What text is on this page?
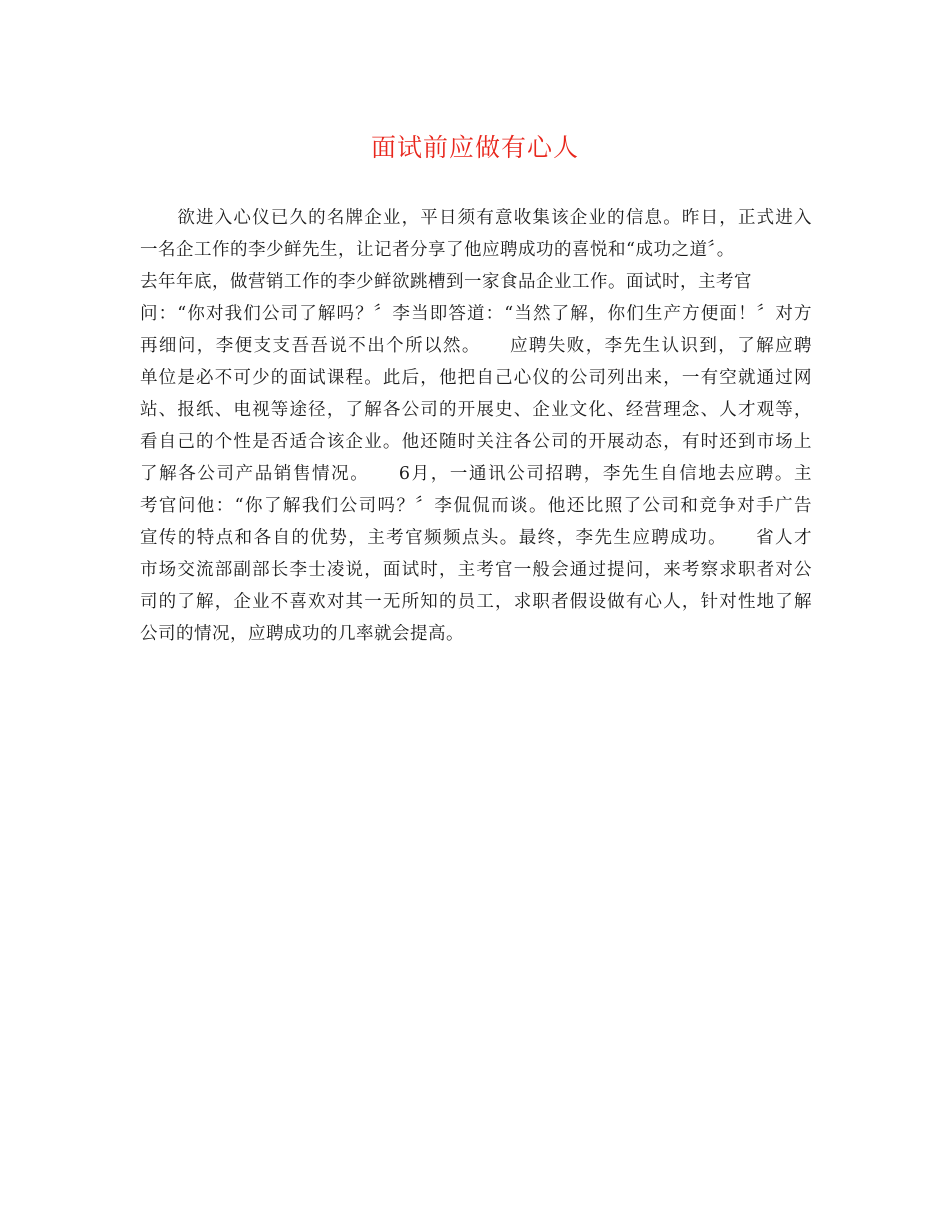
面试前应做有心人
　　欲进入心仪已久的名牌企业，平日须有意收集该企业的信息。昨日，正式进入
一名企工作的李少鲜先生，让记者分享了他应聘成功的喜悦和“成功之道〞。
去年年底，做营销工作的李少鲜欲跳槽到一家食品企业工作。面试时，主考官
问：“你对我们公司了解吗？〞李当即答道：“当然了解，你们生产方便面！〞对方
再细问，李便支支吾吾说不出个所以然。　　应聘失败，李先生认识到，了解应聘
单位是必不可少的面试课程。此后，他把自己心仪的公司列出来，一有空就通过网
站、报纸、电视等途径，了解各公司的开展史、企业文化、经营理念、人才观等，
看自己的个性是否适合该企业。他还随时关注各公司的开展动态，有时还到市场上
了解各公司产品销售情况。　　6月，一通讯公司招聘，李先生自信地去应聘。主
考官问他：“你了解我们公司吗？〞李侃侃而谈。他还比照了公司和竞争对手广告
宣传的特点和各自的优势，主考官频频点头。最终，李先生应聘成功。　　省人才
市场交流部副部长李士凌说，面试时，主考官一般会通过提问，来考察求职者对公
司的了解，企业不喜欢对其一无所知的员工，求职者假设做有心人，针对性地了解
公司的情况，应聘成功的几率就会提高。
